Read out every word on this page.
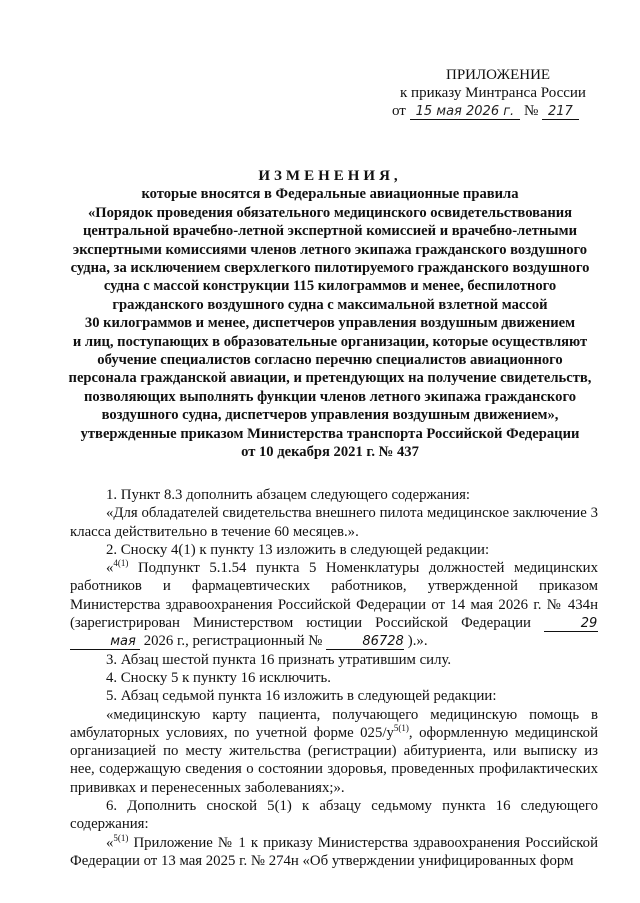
ПРИЛОЖЕНИЕ
к приказу Минтранса России
от 15 мая 2026 г. № 217
ИЗМЕНЕНИЯ,
которые вносятся в Федеральные авиационные правила
«Порядок проведения обязательного медицинского освидетельствования
центральной врачебно-летной экспертной комиссией и врачебно-летными
экспертными комиссиями членов летного экипажа гражданского воздушного
судна, за исключением сверхлегкого пилотируемого гражданского воздушного
судна с массой конструкции 115 килограммов и менее, беспилотного
гражданского воздушного судна с максимальной взлетной массой
30 килограммов и менее, диспетчеров управления воздушным движением
и лиц, поступающих в образовательные организации, которые осуществляют
обучение специалистов согласно перечню специалистов авиационного
персонала гражданской авиации, и претендующих на получение свидетельств,
позволяющих выполнять функции членов летного экипажа гражданского
воздушного судна, диспетчеров управления воздушным движением»,
утвержденные приказом Министерства транспорта Российской Федерации
от 10 декабря 2021 г. № 437

1. Пункт 8.3 дополнить абзацем следующего содержания:

«Для обладателей свидетельства внешнего пилота медицинское заключение 3 класса действительно в течение 60 месяцев.».

2. Сноску 4(1) к пункту 13 изложить в следующей редакции:

«$^{4(1)}$ Подпункт 5.1.54 пункта 5 Номенклатуры должностей медицинских работников и фармацевтических работников, утвержденной приказом Министерства здравоохранения Российской Федерации от 14 мая 2026 г. № 434н (зарегистрирован Министерством юстиции Российской Федерации	29 мая 2026 г., регистрационный №	86728 ).».

3. Абзац шестой пункта 16 признать утратившим силу.

4. Сноску 5 к пункту 16 исключить.

5. Абзац седьмой пункта 16 изложить в следующей редакции:

«медицинскую карту пациента, получающего медицинскую помощь в амбулаторных условиях, по учетной форме $025/у^{5(1)}$, оформленную медицинской организацией по месту жительства (регистрации) абитуриента, или выписку из нее, содержащую сведения о состоянии здоровья, проведенных профилактических прививках и перенесенных заболеваниях;».

6. Дополнить сноской 5(1) к абзацу седьмому пункта 16 следующего содержания:

«$^{5(1)}$ Приложение № 1 к приказу Министерства здравоохранения Российской Федерации от 13 мая 2025 г. № 274н «Об утверждении унифицированных форм
